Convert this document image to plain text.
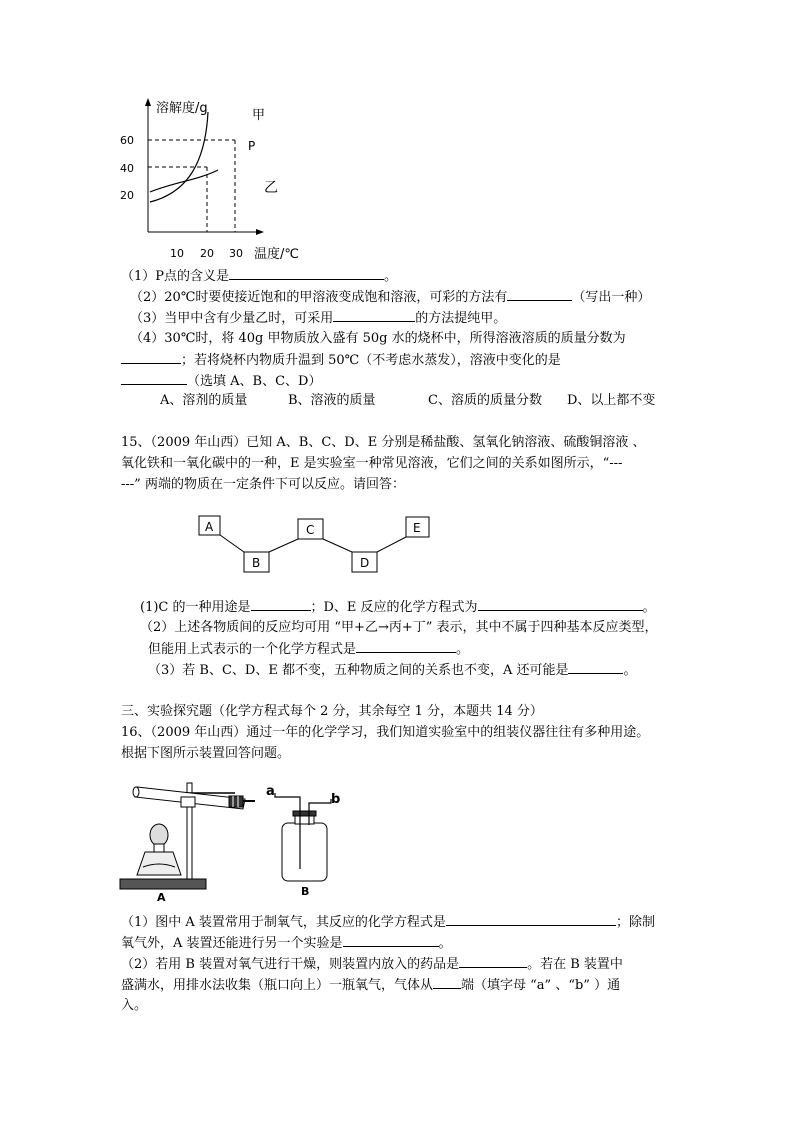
溶解度/g
60
40
20
10 20 30 温度/℃
甲
P
乙
（1）P点的含义是	。
（2）20℃时要使接近饱和的甲溶液变成饱和溶液，可彩的方法有	（写出一种）
（3）当甲中含有少量乙时，可采用	的方法提纯甲。
（4）30℃时，将 40g 甲物质放入盛有 50g 水的烧杯中，所得溶液溶质的质量分数为
；若将烧杯内物质升温到 50℃（不考虑水蒸发），溶液中变化的是
（选填 A、B、C、D）
A、溶剂的质量	B、溶液的质量	C、溶质的质量分数 D、以上都不变
15、（2009 年山西）已知 A、B、C、D、E 分别是稀盐酸、氢氧化钠溶液、硫酸铜溶液 、
氧化铁和一氧化碳中的一种，E 是实验室一种常见溶液，它们之间的关系如图所示，“---
---” 两端的物质在一定条件下可以反应。请回答：
A
B
C
D
E
(1)C 的一种用途是	；D、E 反应的化学方程式为	。
（2）上述各物质间的反应均可用 “甲+乙→丙+丁” 表示，其中不属于四种基本反应类型，
但能用上式表示的一个化学方程式是	。
（3）若 B、C、D、E 都不变，五种物质之间的关系也不变，A 还可能是	。
三、实验探究题（化学方程式每个 2 分，其余每空 1 分，本题共 14 分）
16、（2009 年山西）通过一年的化学学习，我们知道实验室中的组装仪器往往有多种用途。
根据下图所示装置回答问题。
A
a
b
B
（1）图中 A 装置常用于制氧气，其反应的化学方程式是	；除制
氧气外，A 装置还能进行另一个实验是	。
（2）若用 B 装置对氧气进行干燥，则装置内放入的药品是	。若在 B 装置中
盛满水，用排水法收集（瓶口向上）一瓶氧气，气体从 端（填字母 “a” 、“b” ）通
入。
